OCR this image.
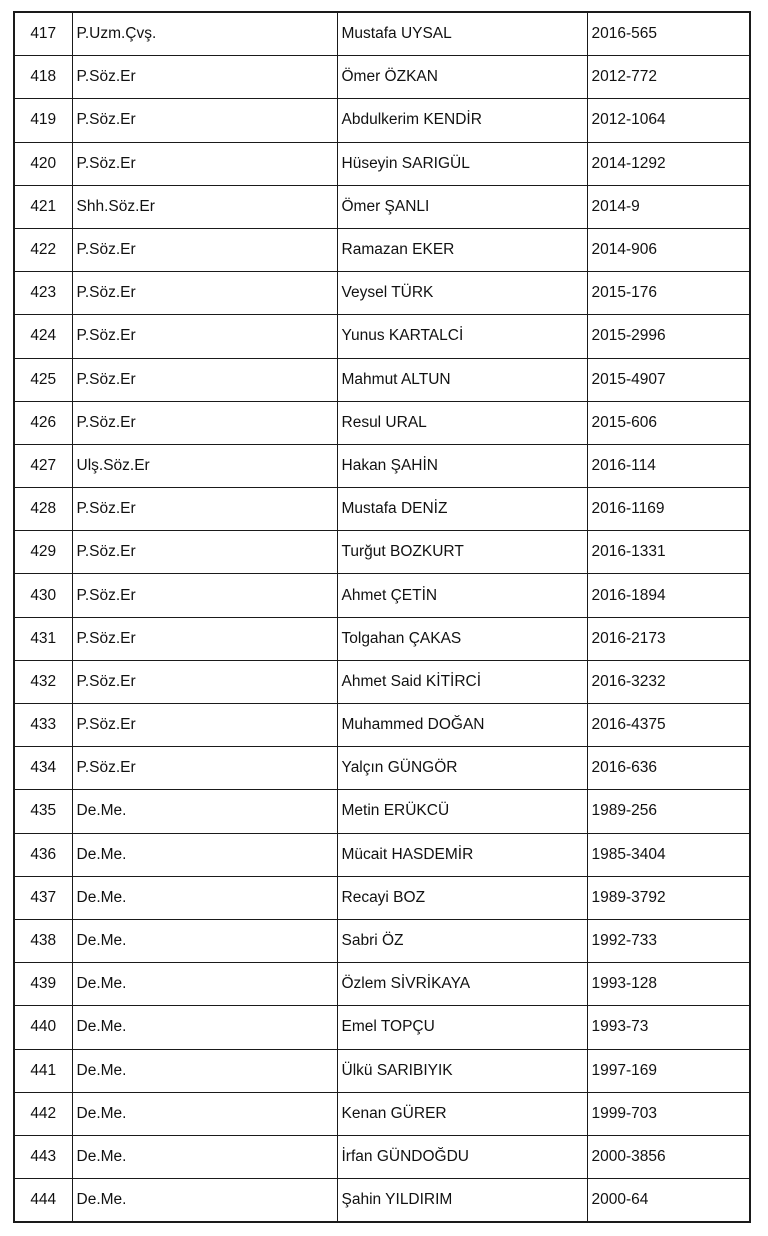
417	P.Uzm.Çvş.	Mustafa UYSAL	2016-565
418	P.Söz.Er	Ömer ÖZKAN	2012-772
419	P.Söz.Er	Abdulkerim KENDİR	2012-1064
420	P.Söz.Er	Hüseyin SARIGÜL	2014-1292
421	Shh.Söz.Er	Ömer ŞANLI	2014-9
422	P.Söz.Er	Ramazan EKER	2014-906
423	P.Söz.Er	Veysel TÜRK	2015-176
424	P.Söz.Er	Yunus KARTALCİ	2015-2996
425	P.Söz.Er	Mahmut ALTUN	2015-4907
426	P.Söz.Er	Resul URAL	2015-606
427	Ulş.Söz.Er	Hakan ŞAHİN	2016-114
428	P.Söz.Er	Mustafa DENİZ	2016-1169
429	P.Söz.Er	Turğut BOZKURT	2016-1331
430	P.Söz.Er	Ahmet ÇETİN	2016-1894
431	P.Söz.Er	Tolgahan ÇAKAS	2016-2173
432	P.Söz.Er	Ahmet Said KİTİRCİ	2016-3232
433	P.Söz.Er	Muhammed DOĞAN	2016-4375
434	P.Söz.Er	Yalçın GÜNGÖR	2016-636
435	De.Me.	Metin ERÜKCÜ	1989-256
436	De.Me.	Mücait HASDEMİR	1985-3404
437	De.Me.	Recayi BOZ	1989-3792
438	De.Me.	Sabri ÖZ	1992-733
439	De.Me.	Özlem SİVRİKAYA	1993-128
440	De.Me.	Emel TOPÇU	1993-73
441	De.Me.	Ülkü SARIBIYIK	1997-169
442	De.Me.	Kenan GÜRER	1999-703
443	De.Me.	İrfan GÜNDOĞDU	2000-3856
444	De.Me.	Şahin YILDIRIM	2000-64
